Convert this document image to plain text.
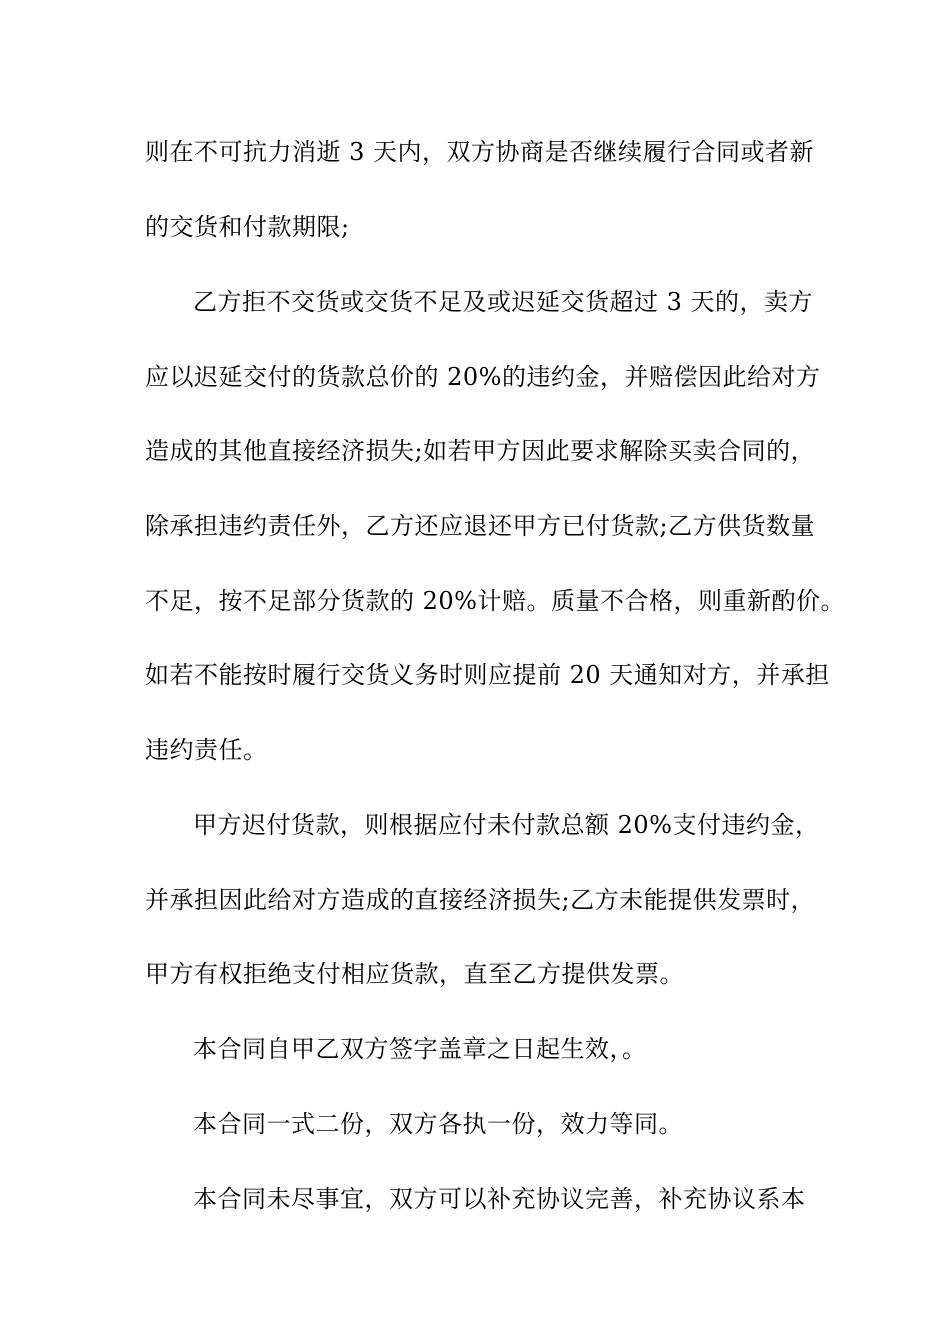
则在不可抗力消逝 3 天内，双方协商是否继续履行合同或者新
的交货和付款期限;
乙方拒不交货或交货不足及或迟延交货超过 3 天的，卖方
应以迟延交付的货款总价的 20%的违约金，并赔偿因此给对方
造成的其他直接经济损失;如若甲方因此要求解除买卖合同的，
除承担违约责任外，乙方还应退还甲方已付货款;乙方供货数量
不足，按不足部分货款的 20%计赔。质量不合格，则重新酌价。
如若不能按时履行交货义务时则应提前 20 天通知对方，并承担
违约责任。
甲方迟付货款，则根据应付未付款总额 20%支付违约金，
并承担因此给对方造成的直接经济损失;乙方未能提供发票时，
甲方有权拒绝支付相应货款，直至乙方提供发票。
本合同自甲乙双方签字盖章之日起生效，。
本合同一式二份，双方各执一份，效力等同。
本合同未尽事宜，双方可以补充协议完善，补充协议系本
